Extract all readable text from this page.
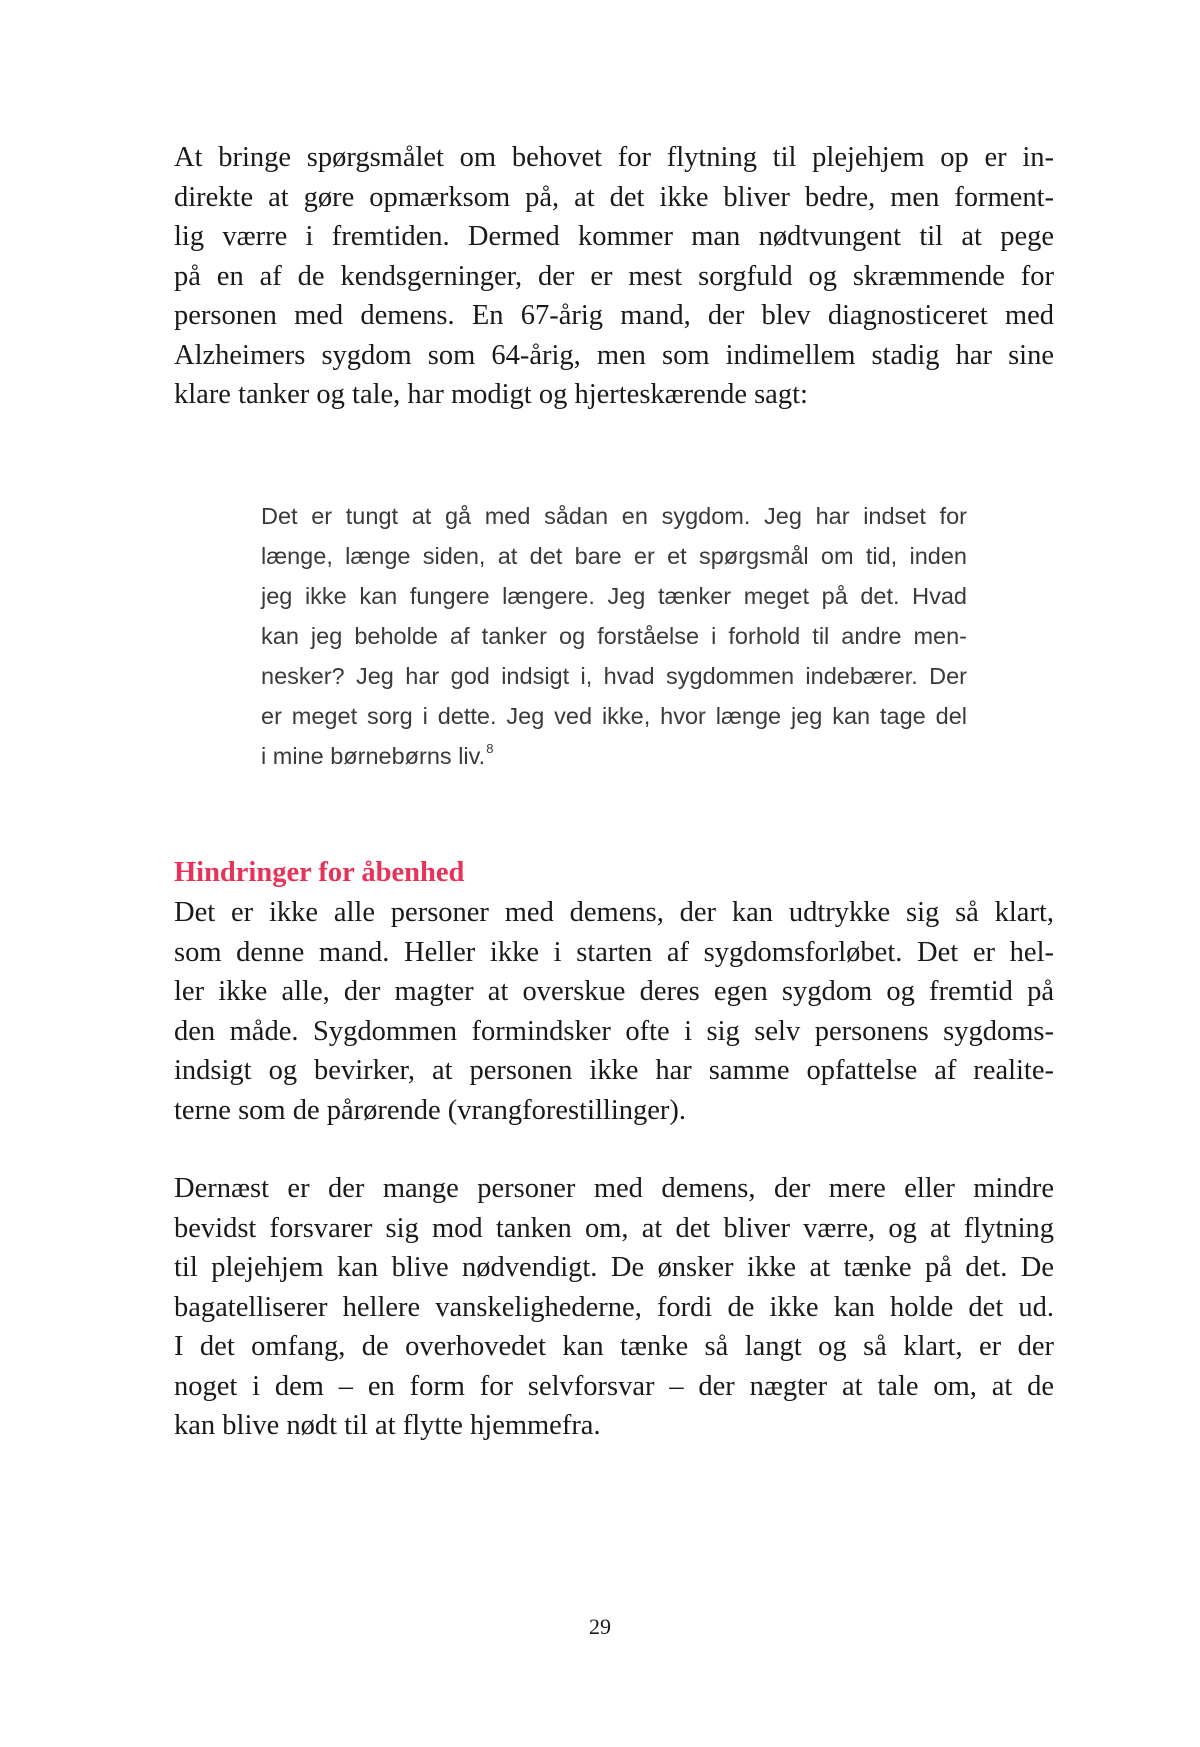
At bringe spørgsmålet om behovet for flytning til plejehjem op er in-
direkte at gøre opmærksom på, at det ikke bliver bedre, men forment-
lig værre i fremtiden. Dermed kommer man nødtvungent til at pege
på en af de kendsgerninger, der er mest sorgfuld og skræmmende for
personen med demens. En 67-årig mand, der blev diagnosticeret med
Alzheimers sygdom som 64-årig, men som indimellem stadig har sine
klare tanker og tale, har modigt og hjerteskærende sagt:

Det er tungt at gå med sådan en sygdom. Jeg har indset for
længe, længe siden, at det bare er et spørgsmål om tid, inden
jeg ikke kan fungere længere. Jeg tænker meget på det. Hvad
kan jeg beholde af tanker og forståelse i forhold til andre men-
nesker? Jeg har god indsigt i, hvad sygdommen indebærer. Der
er meget sorg i dette. Jeg ved ikke, hvor længe jeg kan tage del
i mine børnebørns liv.$^8$
Hindringer for åbenhed

Det er ikke alle personer med demens, der kan udtrykke sig så klart,
som denne mand. Heller ikke i starten af sygdomsforløbet. Det er hel-
ler ikke alle, der magter at overskue deres egen sygdom og fremtid på
den måde. Sygdommen formindsker ofte i sig selv personens sygdoms-
indsigt og bevirker, at personen ikke har samme opfattelse af realite-
terne som de pårørende (vrangforestillinger).

Dernæst er der mange personer med demens, der mere eller mindre
bevidst forsvarer sig mod tanken om, at det bliver værre, og at flytning
til plejehjem kan blive nødvendigt. De ønsker ikke at tænke på det. De
bagatelliserer hellere vanskelighederne, fordi de ikke kan holde det ud.
I det omfang, de overhovedet kan tænke så langt og så klart, er der
noget i dem – en form for selvforsvar – der nægter at tale om, at de
kan blive nødt til at flytte hjemmefra.

29
